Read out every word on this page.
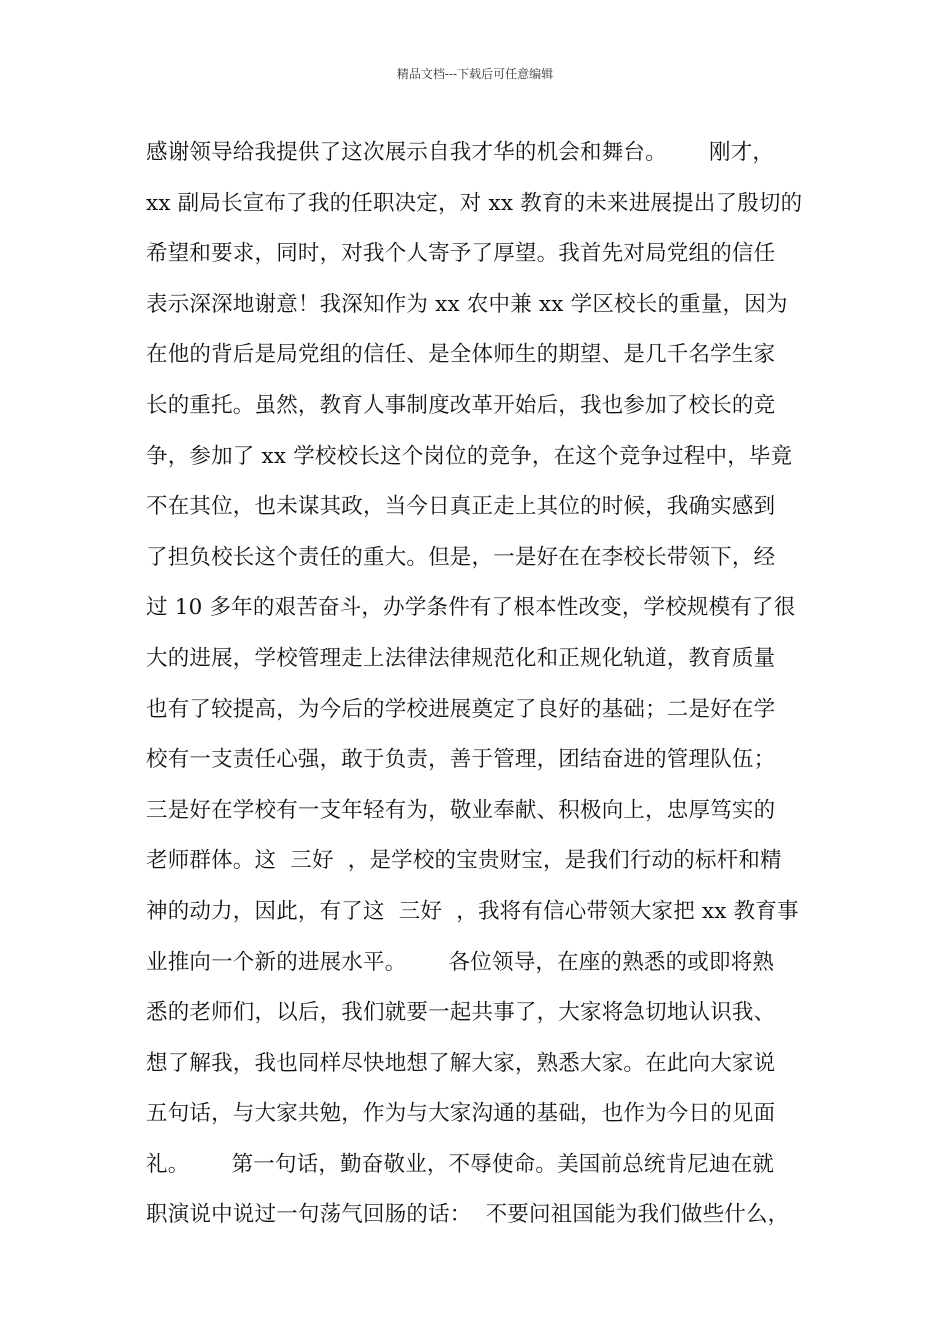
精品文档---下载后可任意编辑
感谢领导给我提供了这次展示自我才华的机会和舞台。      刚才，
xx 副局长宣布了我的任职决定，对 xx 教育的未来进展提出了殷切的
希望和要求，同时，对我个人寄予了厚望。我首先对局党组的信任
表示深深地谢意！我深知作为 xx 农中兼 xx 学区校长的重量，因为
在他的背后是局党组的信任、是全体师生的期望、是几千名学生家
长的重托。虽然，教育人事制度改革开始后，我也参加了校长的竞
争，参加了 xx 学校校长这个岗位的竞争，在这个竞争过程中，毕竟
不在其位，也未谋其政，当今日真正走上其位的时候，我确实感到
了担负校长这个责任的重大。但是，一是好在在李校长带领下，经
过 10 多年的艰苦奋斗，办学条件有了根本性改变，学校规模有了很
大的进展，学校管理走上法律法律规范化和正规化轨道，教育质量
也有了较提高，为今后的学校进展奠定了良好的基础；二是好在学
校有一支责任心强，敢于负责，善于管理，团结奋进的管理队伍；
三是好在学校有一支年轻有为，敬业奉献、积极向上，忠厚笃实的
老师群体。这  三好  ，是学校的宝贵财宝，是我们行动的标杆和精
神的动力，因此，有了这  三好  ，我将有信心带领大家把 xx 教育事
业推向一个新的进展水平。      各位领导，在座的熟悉的或即将熟
悉的老师们，以后，我们就要一起共事了，大家将急切地认识我、
想了解我，我也同样尽快地想了解大家，熟悉大家。在此向大家说
五句话，与大家共勉，作为与大家沟通的基础，也作为今日的见面
礼。      第一句话，勤奋敬业，不辱使命。美国前总统肯尼迪在就
职演说中说过一句荡气回肠的话：  不要问祖国能为我们做些什么，
